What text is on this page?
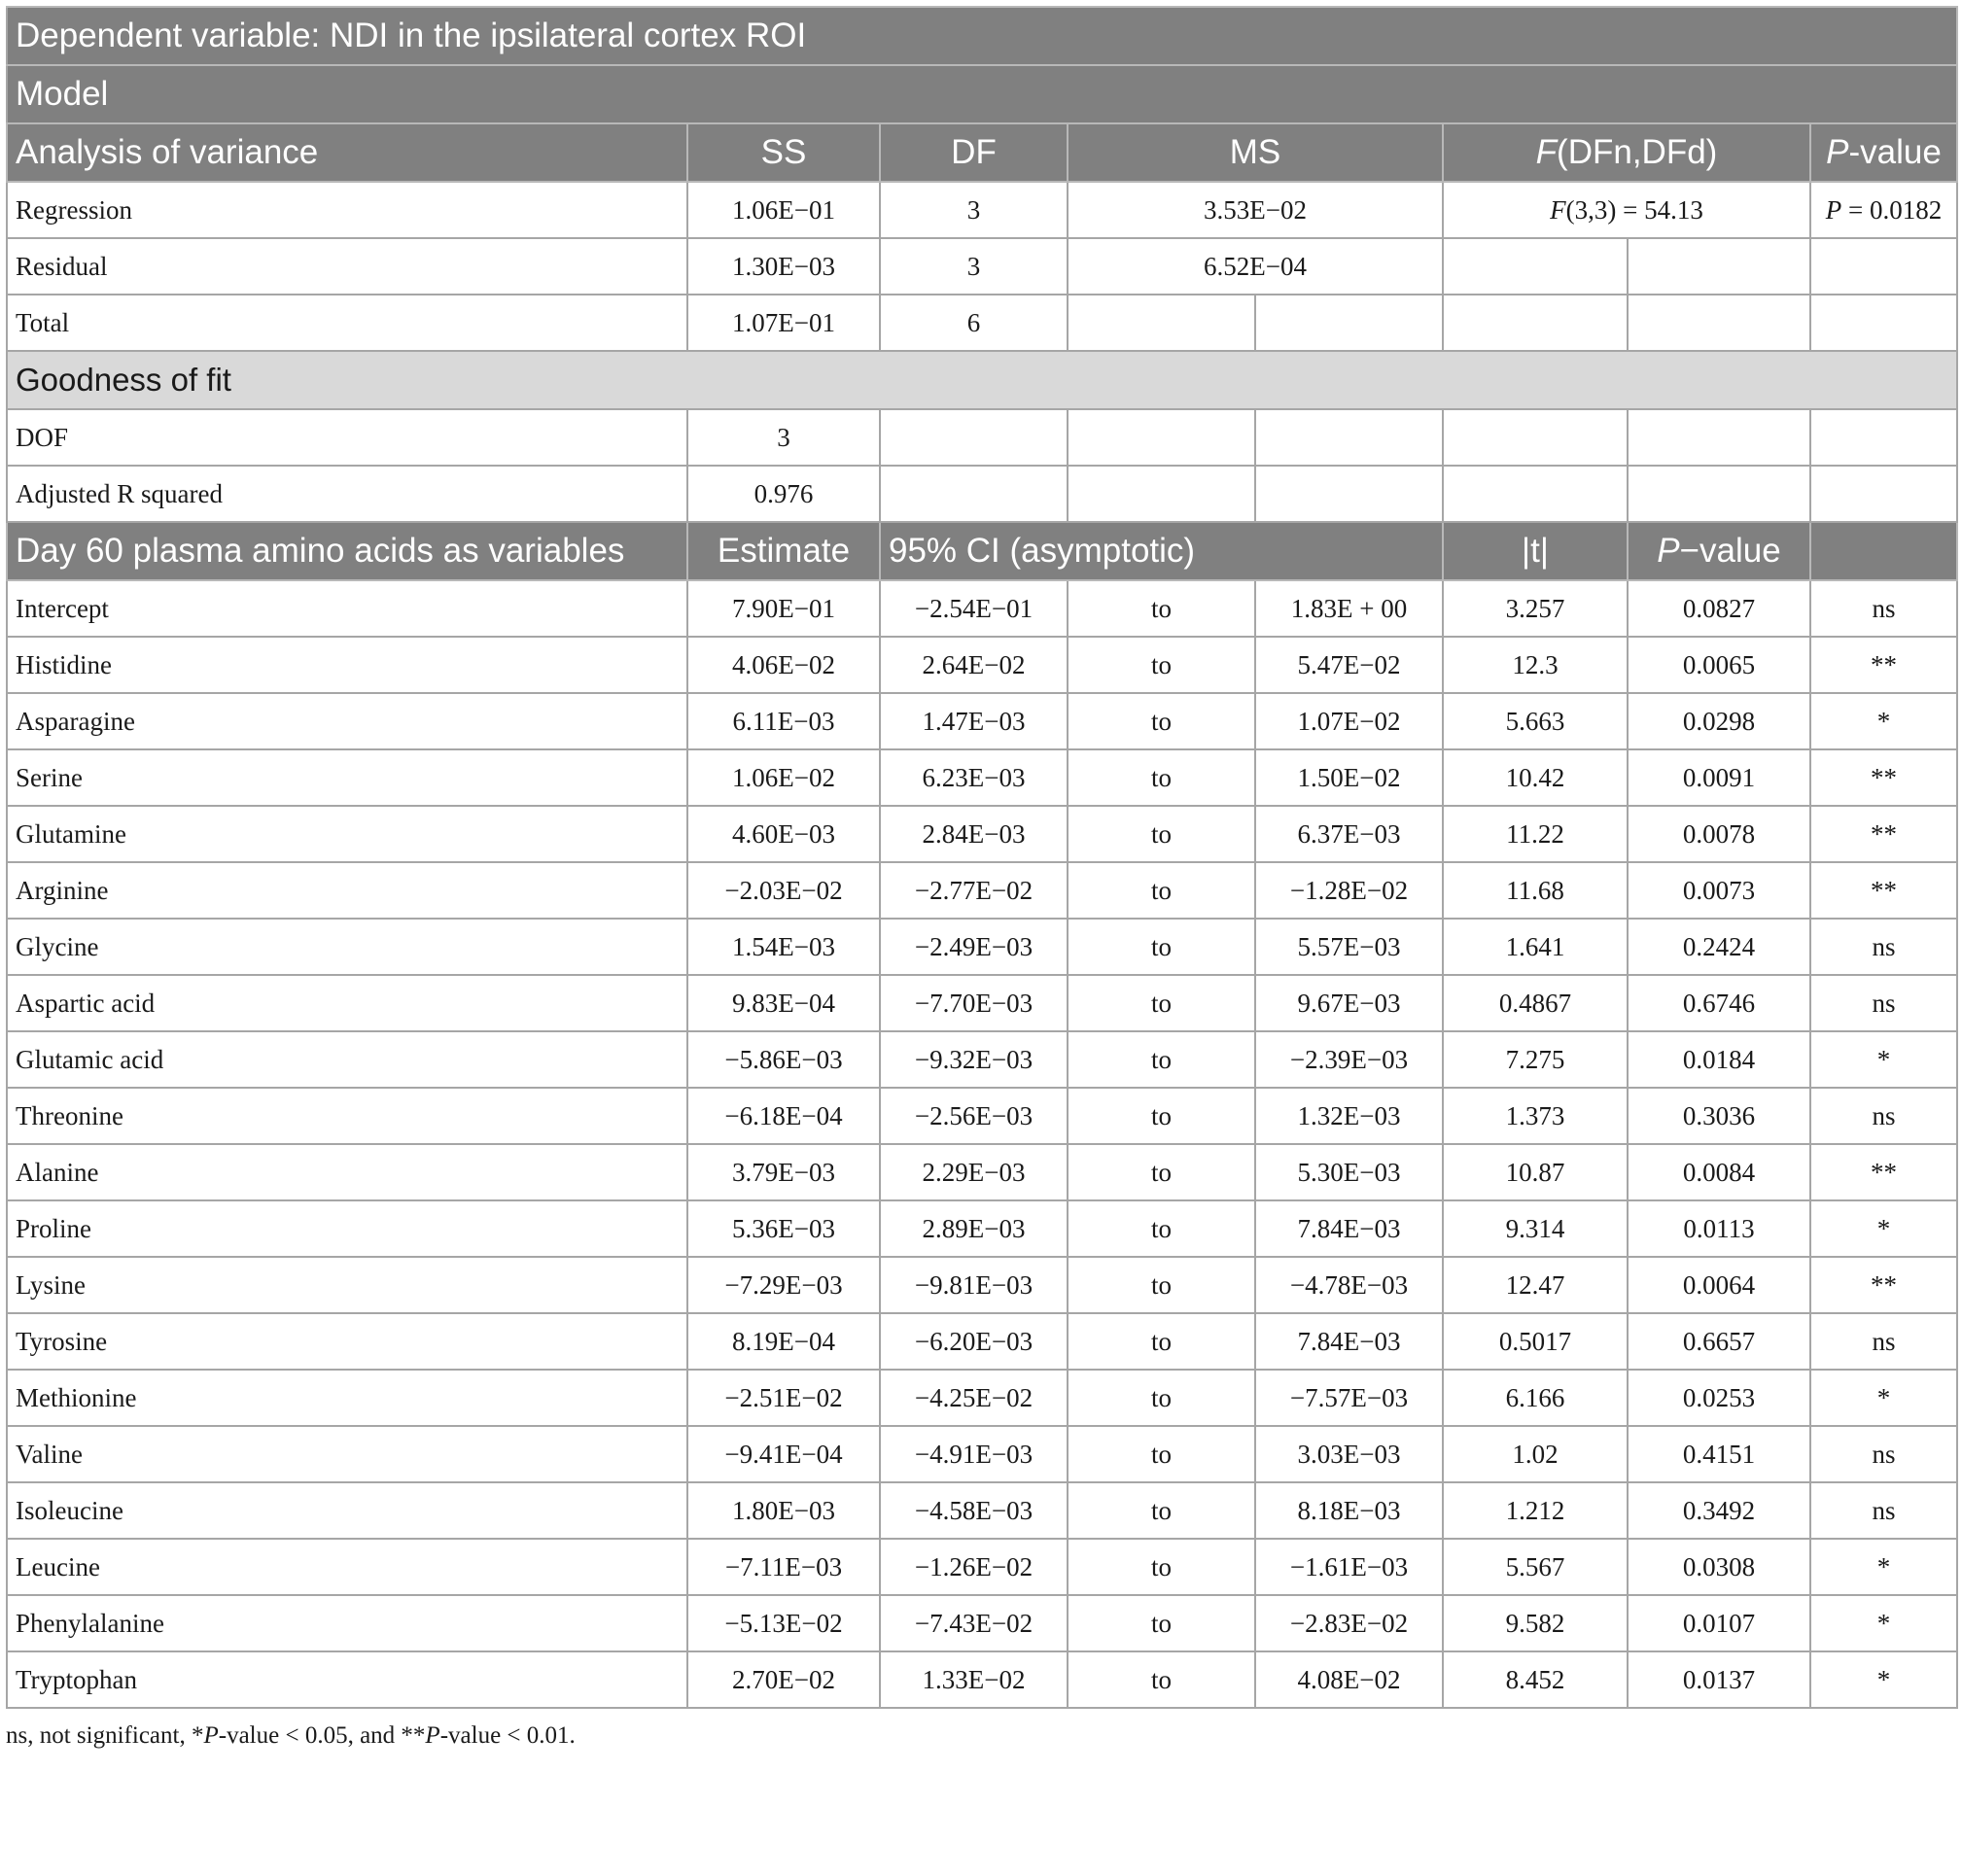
Dependent variable: NDI in the ipsilateral cortex ROI							
Model							
Analysis of variance	SS	DF	MS		F(DFn,DFd)		P-value
Regression	1.06E−01	3	3.53E−02		F(3,3) = 54.13		P = 0.0182
Residual	1.30E−03	3	6.52E−04				
Total	1.07E−01	6					
Goodness of fit							
DOF	3						
Adjusted R squared	0.976						
Day 60 plasma amino acids as variables	Estimate	95% CI (asymptotic)			|t|	P−value	
Intercept	7.90E−01	−2.54E−01	to	1.83E + 00	3.257	0.0827	ns
Histidine	4.06E−02	2.64E−02	to	5.47E−02	12.3	0.0065	**
Asparagine	6.11E−03	1.47E−03	to	1.07E−02	5.663	0.0298	*
Serine	1.06E−02	6.23E−03	to	1.50E−02	10.42	0.0091	**
Glutamine	4.60E−03	2.84E−03	to	6.37E−03	11.22	0.0078	**
Arginine	−2.03E−02	−2.77E−02	to	−1.28E−02	11.68	0.0073	**
Glycine	1.54E−03	−2.49E−03	to	5.57E−03	1.641	0.2424	ns
Aspartic acid	9.83E−04	−7.70E−03	to	9.67E−03	0.4867	0.6746	ns
Glutamic acid	−5.86E−03	−9.32E−03	to	−2.39E−03	7.275	0.0184	*
Threonine	−6.18E−04	−2.56E−03	to	1.32E−03	1.373	0.3036	ns
Alanine	3.79E−03	2.29E−03	to	5.30E−03	10.87	0.0084	**
Proline	5.36E−03	2.89E−03	to	7.84E−03	9.314	0.0113	*
Lysine	−7.29E−03	−9.81E−03	to	−4.78E−03	12.47	0.0064	**
Tyrosine	8.19E−04	−6.20E−03	to	7.84E−03	0.5017	0.6657	ns
Methionine	−2.51E−02	−4.25E−02	to	−7.57E−03	6.166	0.0253	*
Valine	−9.41E−04	−4.91E−03	to	3.03E−03	1.02	0.4151	ns
Isoleucine	1.80E−03	−4.58E−03	to	8.18E−03	1.212	0.3492	ns
Leucine	−7.11E−03	−1.26E−02	to	−1.61E−03	5.567	0.0308	*
Phenylalanine	−5.13E−02	−7.43E−02	to	−2.83E−02	9.582	0.0107	*
Tryptophan	2.70E−02	1.33E−02	to	4.08E−02	8.452	0.0137	*
ns, not significant, *P-value < 0.05, and **P-value < 0.01.
